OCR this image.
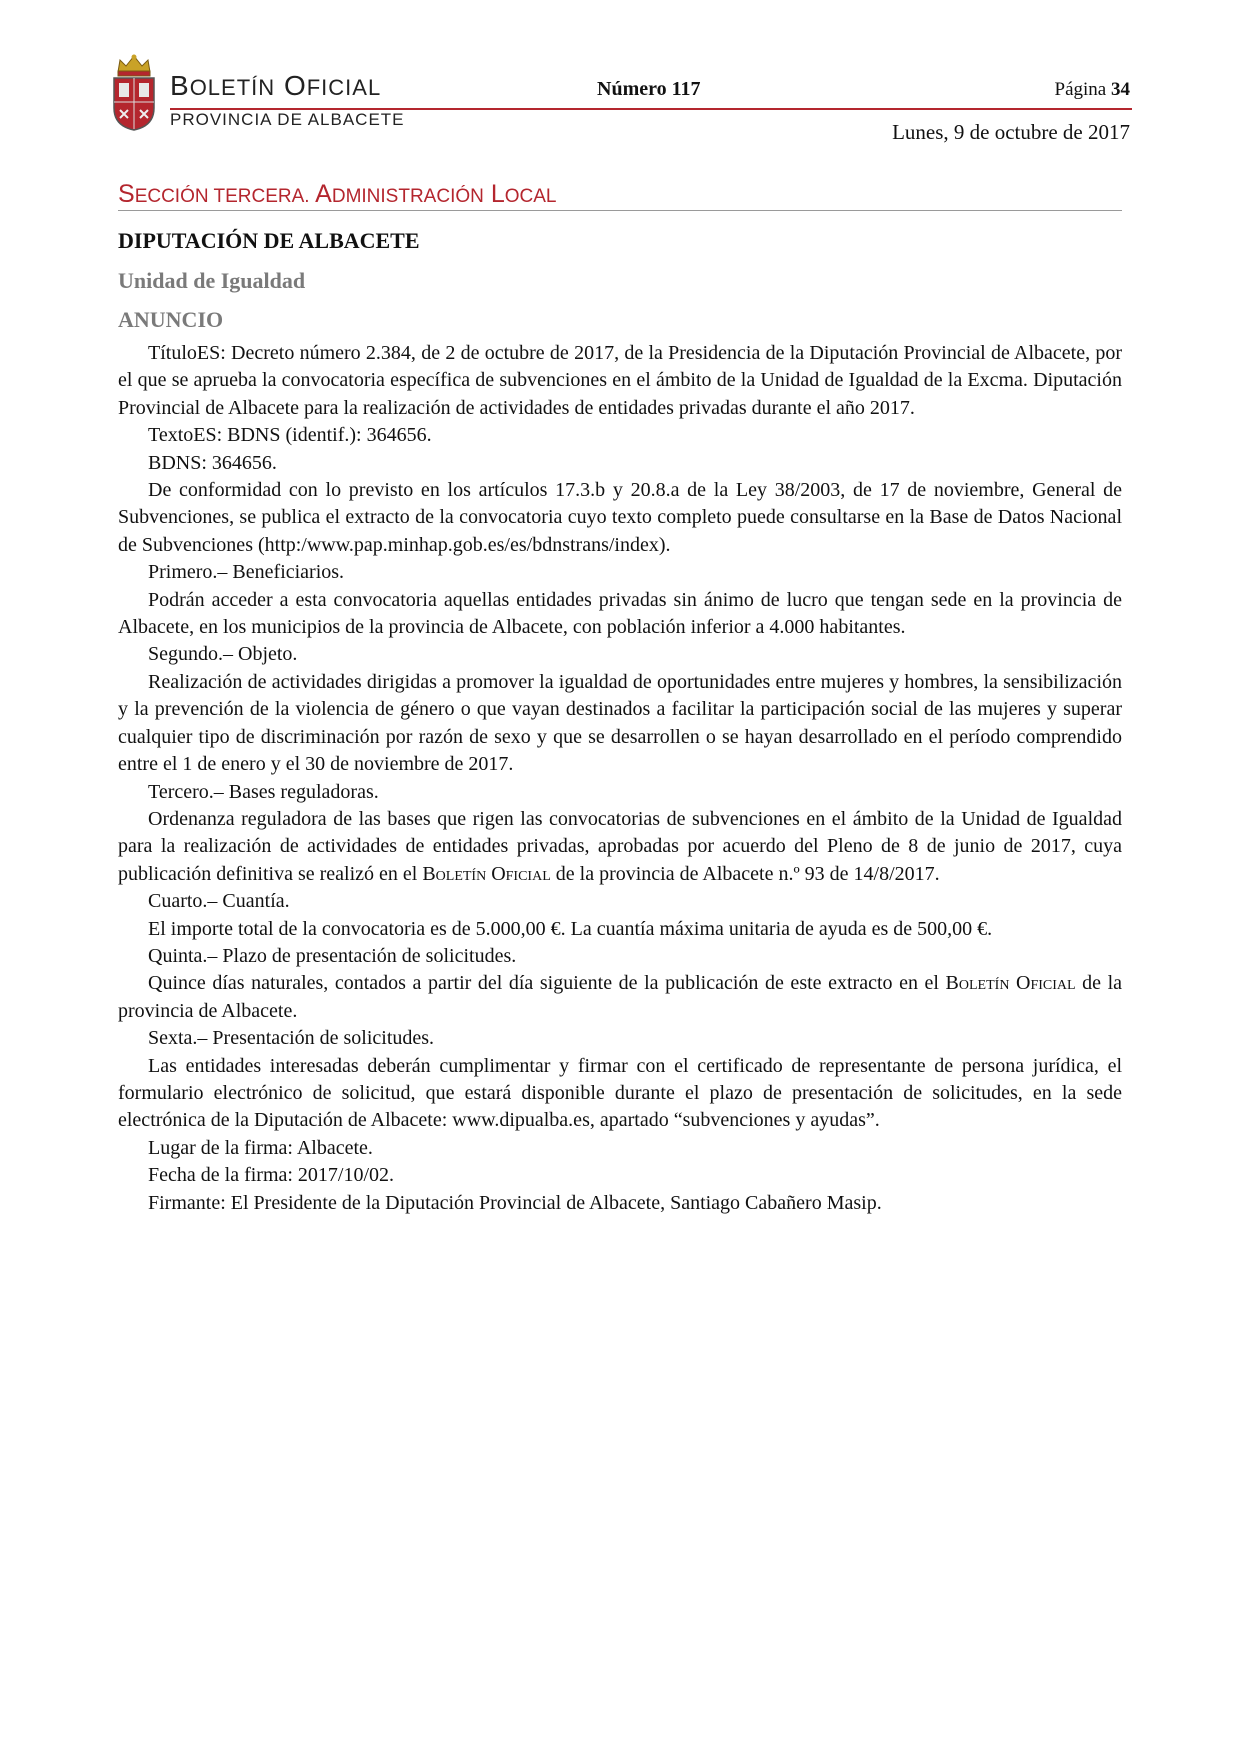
BOLETÍN OFICIAL
PROVINCIA DE ALBACETE
Número 117	Página 34
Lunes, 9 de octubre de 2017
SECCIÓN TERCERA. ADMINISTRACIÓN LOCAL
DIPUTACIÓN DE ALBACETE
Unidad de Igualdad
ANUNCIO

TítuloES: Decreto número 2.384, de 2 de octubre de 2017, de la Presidencia de la Diputación Provincial de Albacete, por el que se aprueba la convocatoria específica de subvenciones en el ámbito de la Unidad de Igualdad de la Excma. Diputación Provincial de Albacete para la realización de actividades de entidades privadas durante el año 2017.

TextoES: BDNS (identif.): 364656.

BDNS: 364656.

De conformidad con lo previsto en los artículos 17.3.b y 20.8.a de la Ley 38/2003, de 17 de noviembre, General de Subvenciones, se publica el extracto de la convocatoria cuyo texto completo puede consultarse en la Base de Datos Nacional de Subvenciones (http:/www.pap.minhap.gob.es/es/bdnstrans/index).

Primero.– Beneficiarios.

Podrán acceder a esta convocatoria aquellas entidades privadas sin ánimo de lucro que tengan sede en la provincia de Albacete, en los municipios de la provincia de Albacete, con población inferior a 4.000 habitantes.

Segundo.– Objeto.

Realización de actividades dirigidas a promover la igualdad de oportunidades entre mujeres y hombres, la sensibilización y la prevención de la violencia de género o que vayan destinados a facilitar la participación social de las mujeres y superar cualquier tipo de discriminación por razón de sexo y que se desarrollen o se hayan desarrollado en el período comprendido entre el 1 de enero y el 30 de noviembre de 2017.

Tercero.– Bases reguladoras.

Ordenanza reguladora de las bases que rigen las convocatorias de subvenciones en el ámbito de la Unidad de Igualdad para la realización de actividades de entidades privadas, aprobadas por acuerdo del Pleno de 8 de junio de 2017, cuya publicación definitiva se realizó en el Boletín Oficial de la provincia de Albacete n.º 93 de 14/8/2017.

Cuarto.– Cuantía.

El importe total de la convocatoria es de 5.000,00 €. La cuantía máxima unitaria de ayuda es de 500,00 €.

Quinta.– Plazo de presentación de solicitudes.

Quince días naturales, contados a partir del día siguiente de la publicación de este extracto en el Boletín Oficial de la provincia de Albacete.

Sexta.– Presentación de solicitudes.

Las entidades interesadas deberán cumplimentar y firmar con el certificado de representante de persona jurídica, el formulario electrónico de solicitud, que estará disponible durante el plazo de presentación de solicitudes, en la sede electrónica de la Diputación de Albacete: www.dipualba.es, apartado “subvenciones y ayudas”.

Lugar de la firma: Albacete.

Fecha de la firma: 2017/10/02.

Firmante: El Presidente de la Diputación Provincial de Albacete, Santiago Cabañero Masip.
